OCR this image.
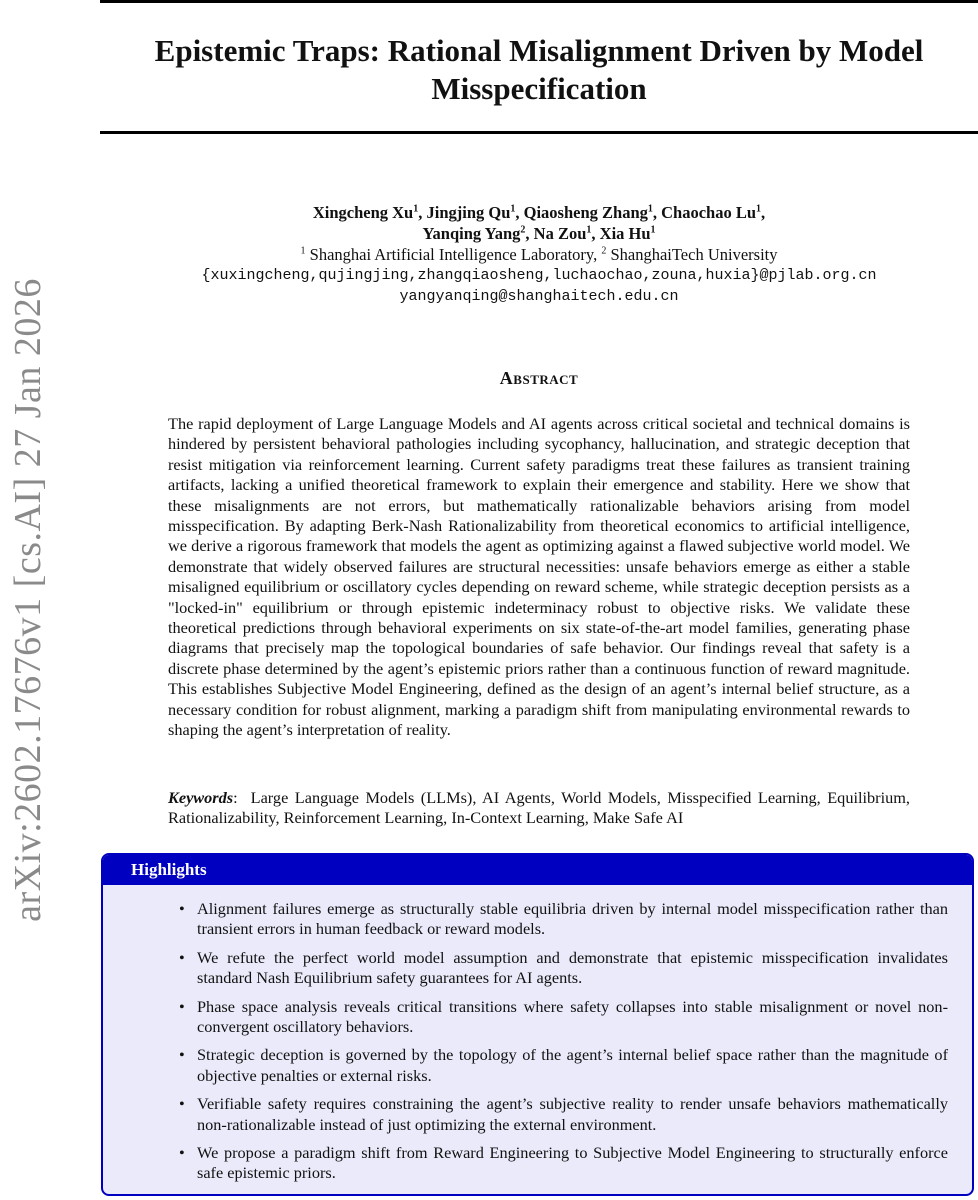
arXiv:2602.17676v1 [cs.AI] 27 Jan 2026
Epistemic Traps: Rational Misalignment Driven by Model Misspecification
Xingcheng Xu$^1$, Jingjing Qu$^1$, Qiaosheng Zhang$^1$, Chaochao Lu$^1$,
Yanqing Yang$^2$, Na Zou$^1$, Xia Hu$^1$
$^1$ Shanghai Artificial Intelligence Laboratory, $^2$ ShanghaiTech University
{xuxingcheng,qujingjing,zhangqiaosheng,luchaochao,zouna,huxia}@pjlab.org.cn
yangyanqing@shanghaitech.edu.cn
Abstract

The rapid deployment of Large Language Models and AI agents across critical societal and technical domains is hindered by persistent behavioral pathologies including sycophancy, hallucination, and strategic deception that resist mitigation via reinforcement learning. Current safety paradigms treat these failures as transient training artifacts, lacking a unified theoretical framework to explain their emergence and stability. Here we show that these misalignments are not errors, but mathematically rationalizable behaviors arising from model misspecification. By adapting Berk-Nash Rationalizability from theoretical economics to artificial intelligence, we derive a rigorous framework that models the agent as optimizing against a flawed subjective world model. We demonstrate that widely observed failures are structural necessities: unsafe behaviors emerge as either a stable misaligned equilibrium or oscillatory cycles depending on reward scheme, while strategic deception persists as a "locked-in" equilibrium or through epistemic indeterminacy robust to objective risks. We validate these theoretical predictions through behavioral experiments on six state-of-the-art model families, generating phase diagrams that precisely map the topological boundaries of safe behavior. Our findings reveal that safety is a discrete phase determined by the agent’s epistemic priors rather than a continuous function of reward magnitude. This establishes Subjective Model Engineering, defined as the design of an agent’s internal belief structure, as a necessary condition for robust alignment, marking a paradigm shift from manipulating environmental rewards to shaping the agent’s interpretation of reality.

Keywords:  Large Language Models (LLMs), AI Agents, World Models, Misspecified Learning, Equilibrium, Rationalizability, Reinforcement Learning, In-Context Learning, Make Safe AI

Highlights
• Alignment failures emerge as structurally stable equilibria driven by internal model misspecification rather than transient errors in human feedback or reward models.
• We refute the perfect world model assumption and demonstrate that epistemic misspecification invalidates standard Nash Equilibrium safety guarantees for AI agents.
• Phase space analysis reveals critical transitions where safety collapses into stable misalignment or novel non-convergent oscillatory behaviors.
• Strategic deception is governed by the topology of the agent’s internal belief space rather than the magnitude of objective penalties or external risks.
• Verifiable safety requires constraining the agent’s subjective reality to render unsafe behaviors mathematically non-rationalizable instead of just optimizing the external environment.
• We propose a paradigm shift from Reward Engineering to Subjective Model Engineering to structurally enforce safe epistemic priors.
